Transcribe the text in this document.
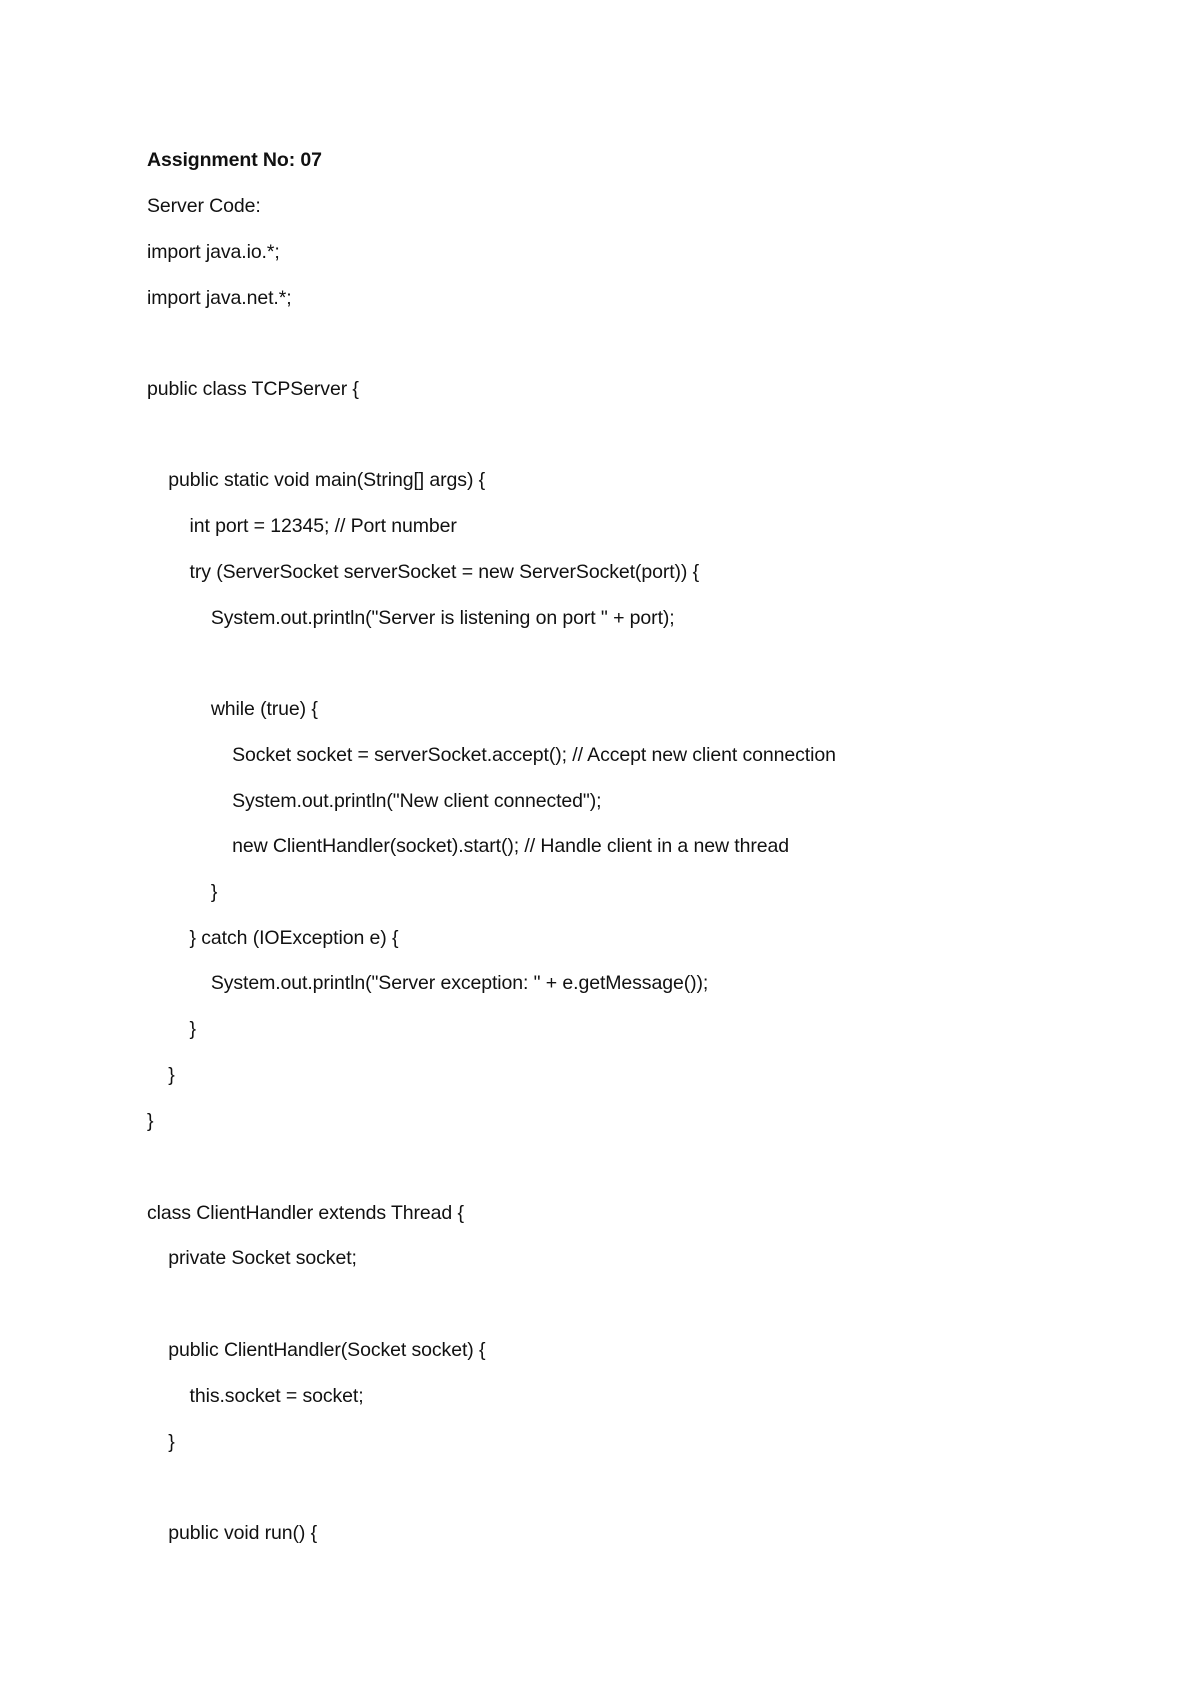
Assignment No: 07
Server Code:
import java.io.*;
import java.net.*;
public class TCPServer {
public static void main(String[] args) {
int port = 12345; // Port number
try (ServerSocket serverSocket = new ServerSocket(port)) {
System.out.println("Server is listening on port " + port);
while (true) {
Socket socket = serverSocket.accept(); // Accept new client connection
System.out.println("New client connected");
new ClientHandler(socket).start(); // Handle client in a new thread
}
} catch (IOException e) {
System.out.println("Server exception: " + e.getMessage());
}
}
}
class ClientHandler extends Thread {
private Socket socket;
public ClientHandler(Socket socket) {
this.socket = socket;
}
public void run() {
